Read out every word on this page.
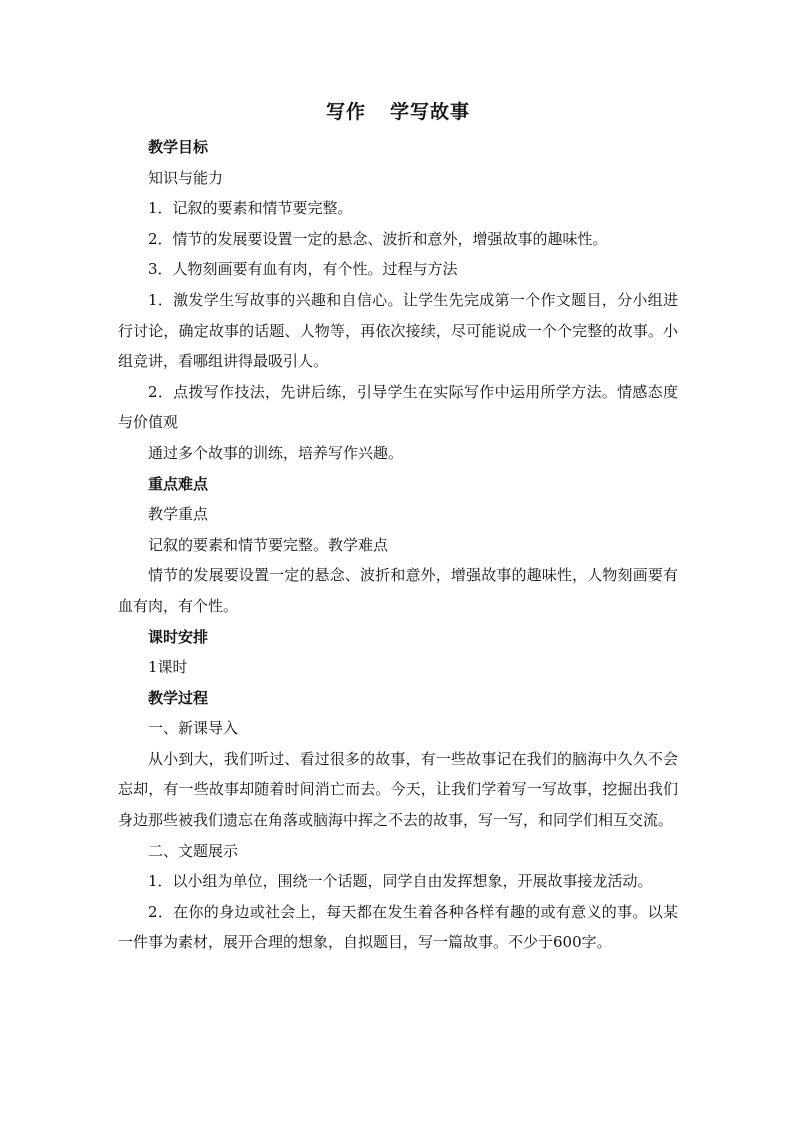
写作 学写故事

教学目标

知识与能力

1．记叙的要素和情节要完整。

2．情节的发展要设置一定的悬念、波折和意外，增强故事的趣味性。

3．人物刻画要有血有肉，有个性。过程与方法

1．激发学生写故事的兴趣和自信心。让学生先完成第一个作文题目，分小组进行讨论，确定故事的话题、人物等，再依次接续，尽可能说成一个个完整的故事。小组竞讲，看哪组讲得最吸引人。

2．点拨写作技法，先讲后练，引导学生在实际写作中运用所学方法。情感态度与价值观

通过多个故事的训练，培养写作兴趣。

重点难点

教学重点

记叙的要素和情节要完整。教学难点

情节的发展要设置一定的悬念、波折和意外，增强故事的趣味性，人物刻画要有血有肉，有个性。

课时安排

1课时

教学过程

一、新课导入

从小到大，我们听过、看过很多的故事，有一些故事记在我们的脑海中久久不会忘却，有一些故事却随着时间消亡而去。今天，让我们学着写一写故事，挖掘出我们身边那些被我们遗忘在角落或脑海中挥之不去的故事，写一写，和同学们相互交流。

二、文题展示

1．以小组为单位，围绕一个话题，同学自由发挥想象，开展故事接龙活动。

2．在你的身边或社会上，每天都在发生着各种各样有趣的或有意义的事。以某一件事为素材，展开合理的想象，自拟题目，写一篇故事。不少于600字。
